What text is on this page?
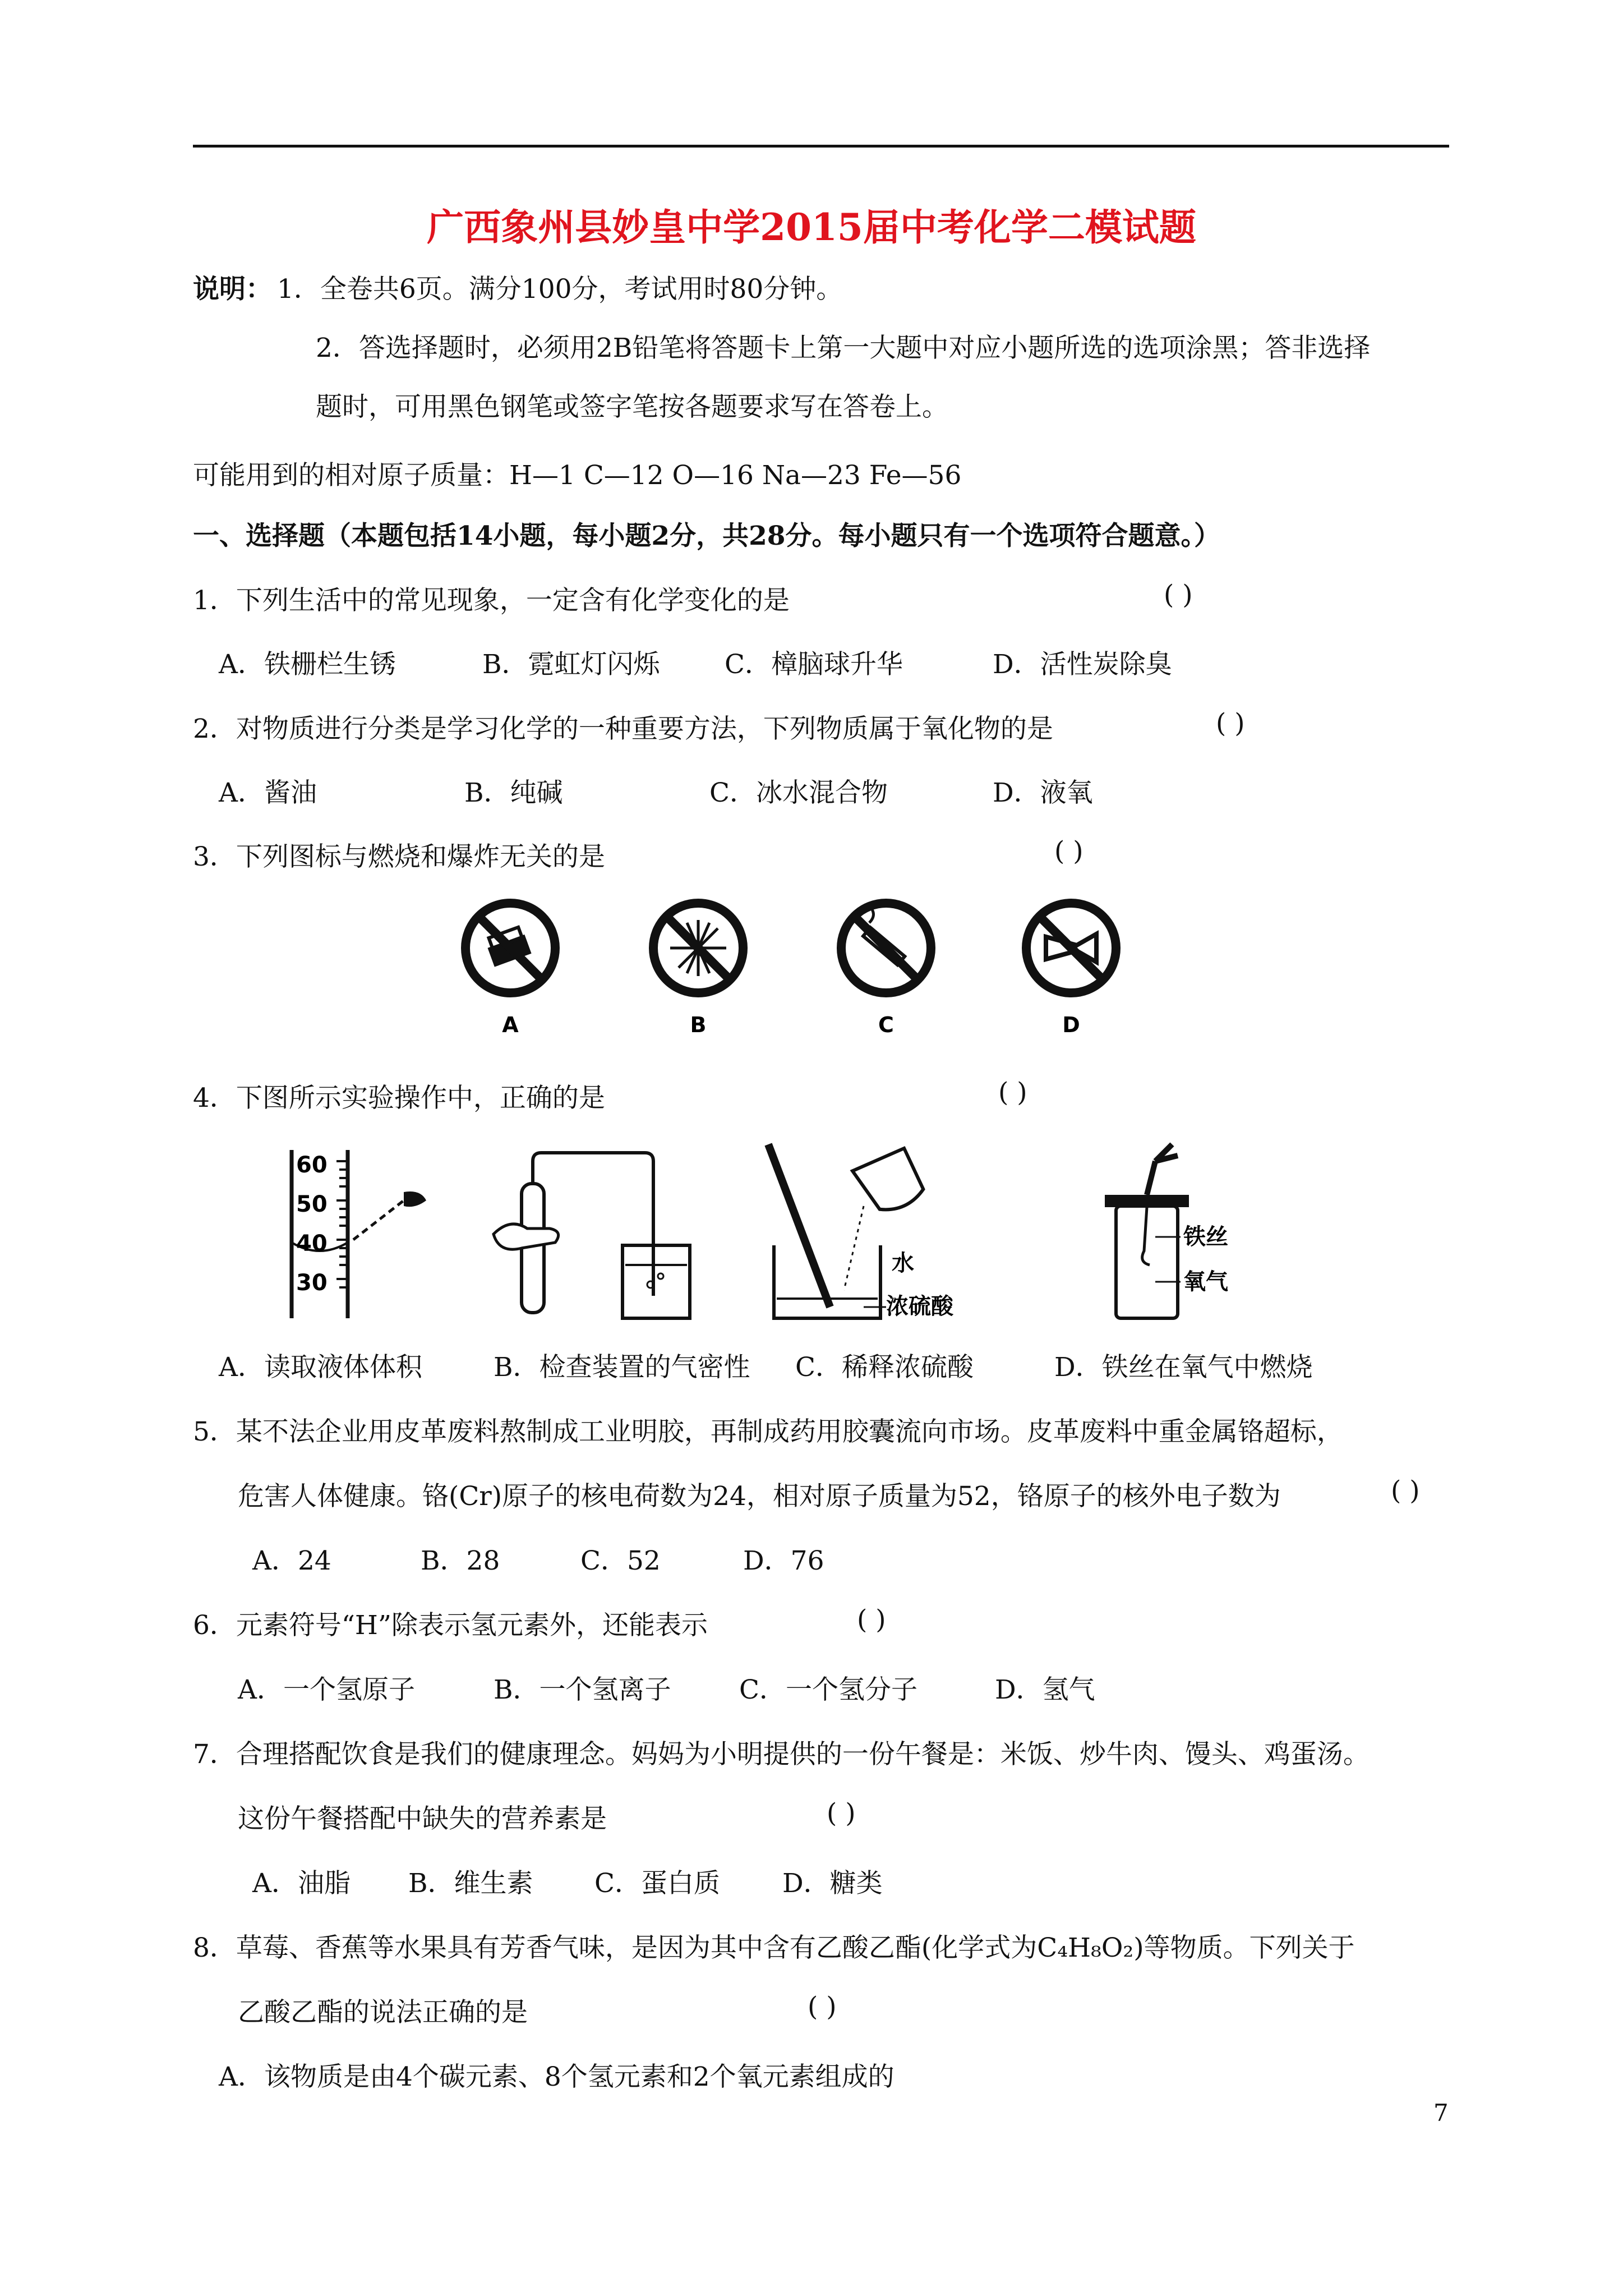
广西象州县妙皇中学2015届中考化学二模试题
说明： 1．全卷共6页。满分100分，考试用时80分钟。
2．答选择题时，必须用2B铅笔将答题卡上第一大题中对应小题所选的选项涂黑；答非选择
题时，可用黑色钢笔或签字笔按各题要求写在答卷上。
可能用到的相对原子质量：H—1 C—12 O—16 Na—23 Fe—56
一、选择题（本题包括14小题，每小题2分，共28分。每小题只有一个选项符合题意。）
1．下列生活中的常见现象，一定含有化学变化的是	( )
A．铁栅栏生锈	B．霓虹灯闪烁 C．樟脑球升华	D．活性炭除臭
2．对物质进行分类是学习化学的一种重要方法，下列物质属于氧化物的是	( )
A．酱油	B．纯碱	C．冰水混合物	D．液氧
3．下列图标与燃烧和爆炸无关的是	( )
A	B	C	D
4．下图所示实验操作中，正确的是	( )
60
50
40
30
水
浓硫酸
铁丝
氧气
A．读取液体体积	B．检查装置的气密性 C．稀释浓硫酸	D．铁丝在氧气中燃烧
5．某不法企业用皮革废料熬制成工业明胶，再制成药用胶囊流向市场。皮革废料中重金属铬超标，
危害人体健康。铬(Cr)原子的核电荷数为24，相对原子质量为52，铬原子的核外电子数为	( )
A．24	B．28	C．52	D．76
6．元素符号“H”除表示氢元素外，还能表示	( )
A．一个氢原子	B．一个氢离子	C．一个氢分子	D．氢气
7．合理搭配饮食是我们的健康理念。妈妈为小明提供的一份午餐是：米饭、炒牛肉、馒头、鸡蛋汤。
这份午餐搭配中缺失的营养素是	( )
A．油脂 B．维生素 C．蛋白质 D．糖类
8．草莓、香蕉等水果具有芳香气味，是因为其中含有乙酸乙酯(化学式为C₄H₈O₂)等物质。下列关于
乙酸乙酯的说法正确的是	( )
A．该物质是由4个碳元素、8个氢元素和2个氧元素组成的
7
